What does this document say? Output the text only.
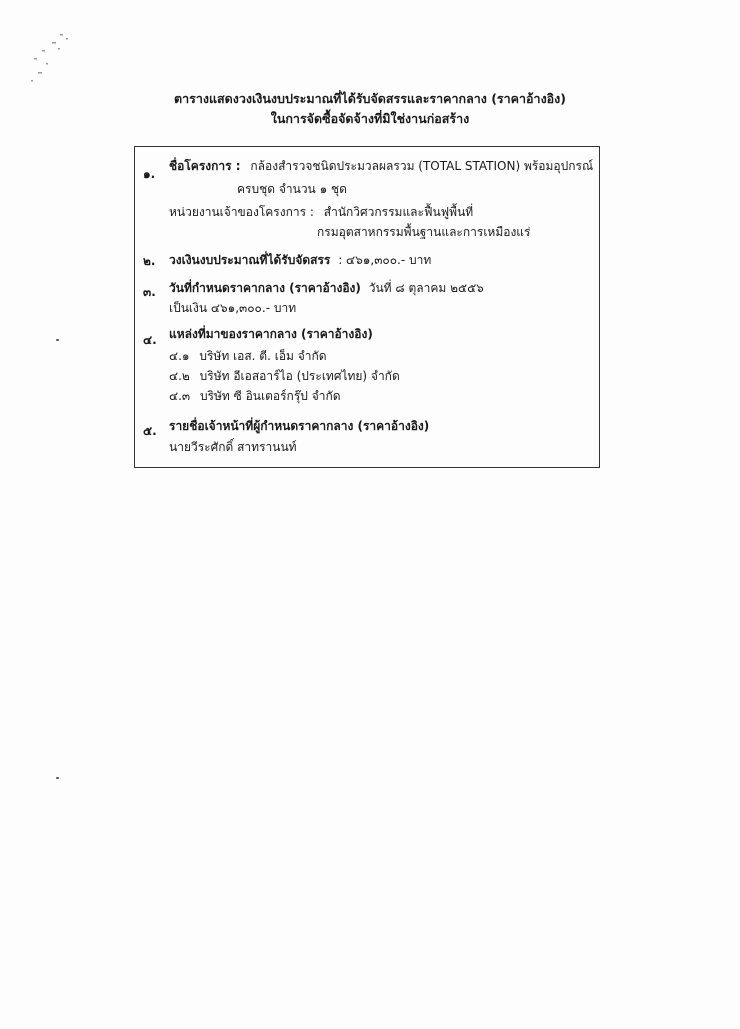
ตารางแสดงวงเงินงบประมาณที่ได้รับจัดสรรและราคากลาง (ราคาอ้างอิง)
ในการจัดซื้อจัดจ้างที่มิใช่งานก่อสร้าง
๑.
ชื่อโครงการ : กล้องสำรวจชนิดประมวลผลรวม (TOTAL STATION) พร้อมอุปกรณ์
ครบชุด จำนวน ๑ ชุด
หน่วยงานเจ้าของโครงการ : สำนักวิศวกรรมและฟื้นฟูพื้นที่
กรมอุตสาหกรรมพื้นฐานและการเหมืองแร่
๒. วงเงินงบประมาณที่ได้รับจัดสรร : ๔๖๑,๓๐๐.- บาท
๓. วันที่กำหนดราคากลาง (ราคาอ้างอิง) วันที่ ๘ ตุลาคม ๒๕๕๖
เป็นเงิน ๔๖๑,๓๐๐.- บาท
๔. แหล่งที่มาของราคากลาง (ราคาอ้างอิง)
๔.๑ บริษัท เอส. ตี. เอ็ม จำกัด
๔.๒ บริษัท อีเอสอาร์ไอ (ประเทศไทย) จำกัด
๔.๓ บริษัท ซี อินเตอร์กรุ๊ป จำกัด
๕. รายชื่อเจ้าหน้าที่ผู้กำหนดราคากลาง (ราคาอ้างอิง)
นายวีระศักดิ์ สาทรานนท์
